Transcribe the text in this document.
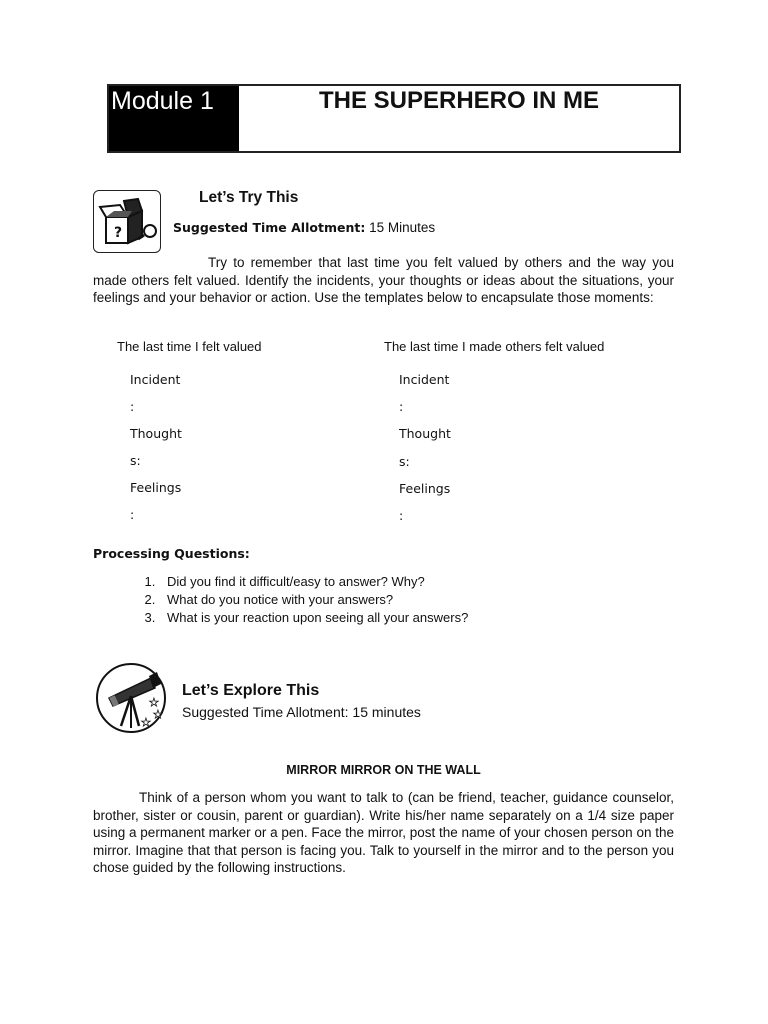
Module 1	THE SUPERHERO IN ME
?
Let’s Try This
Suggested Time Allotment: 15 Minutes
Try to remember that last time you felt valued by others and the way you made others felt valued. Identify the incidents, your thoughts or ideas about the situations, your feelings and your behavior or action. Use the templates below to encapsulate those moments:
The last time I felt valued	The last time I made others felt valued
Incident
:
Thought
s:
Feelings
:
Incident
:
Thought
s:
Feelings
:
Processing Questions:
1. Did you find it difficult/easy to answer? Why?
2. What do you notice with your answers?
3. What is your reaction upon seeing all your answers?
★
★
★
Let’s Explore This
Suggested Time Allotment: 15 minutes
MIRROR MIRROR ON THE WALL
Think of a person whom you want to talk to (can be friend, teacher, guidance counselor, brother, sister or cousin, parent or guardian). Write his/her name separately on a 1/4 size paper using a permanent marker or a pen. Face the mirror, post the name of your chosen person on the mirror. Imagine that that person is facing you. Talk to yourself in the mirror and to the person you chose guided by the following instructions.
